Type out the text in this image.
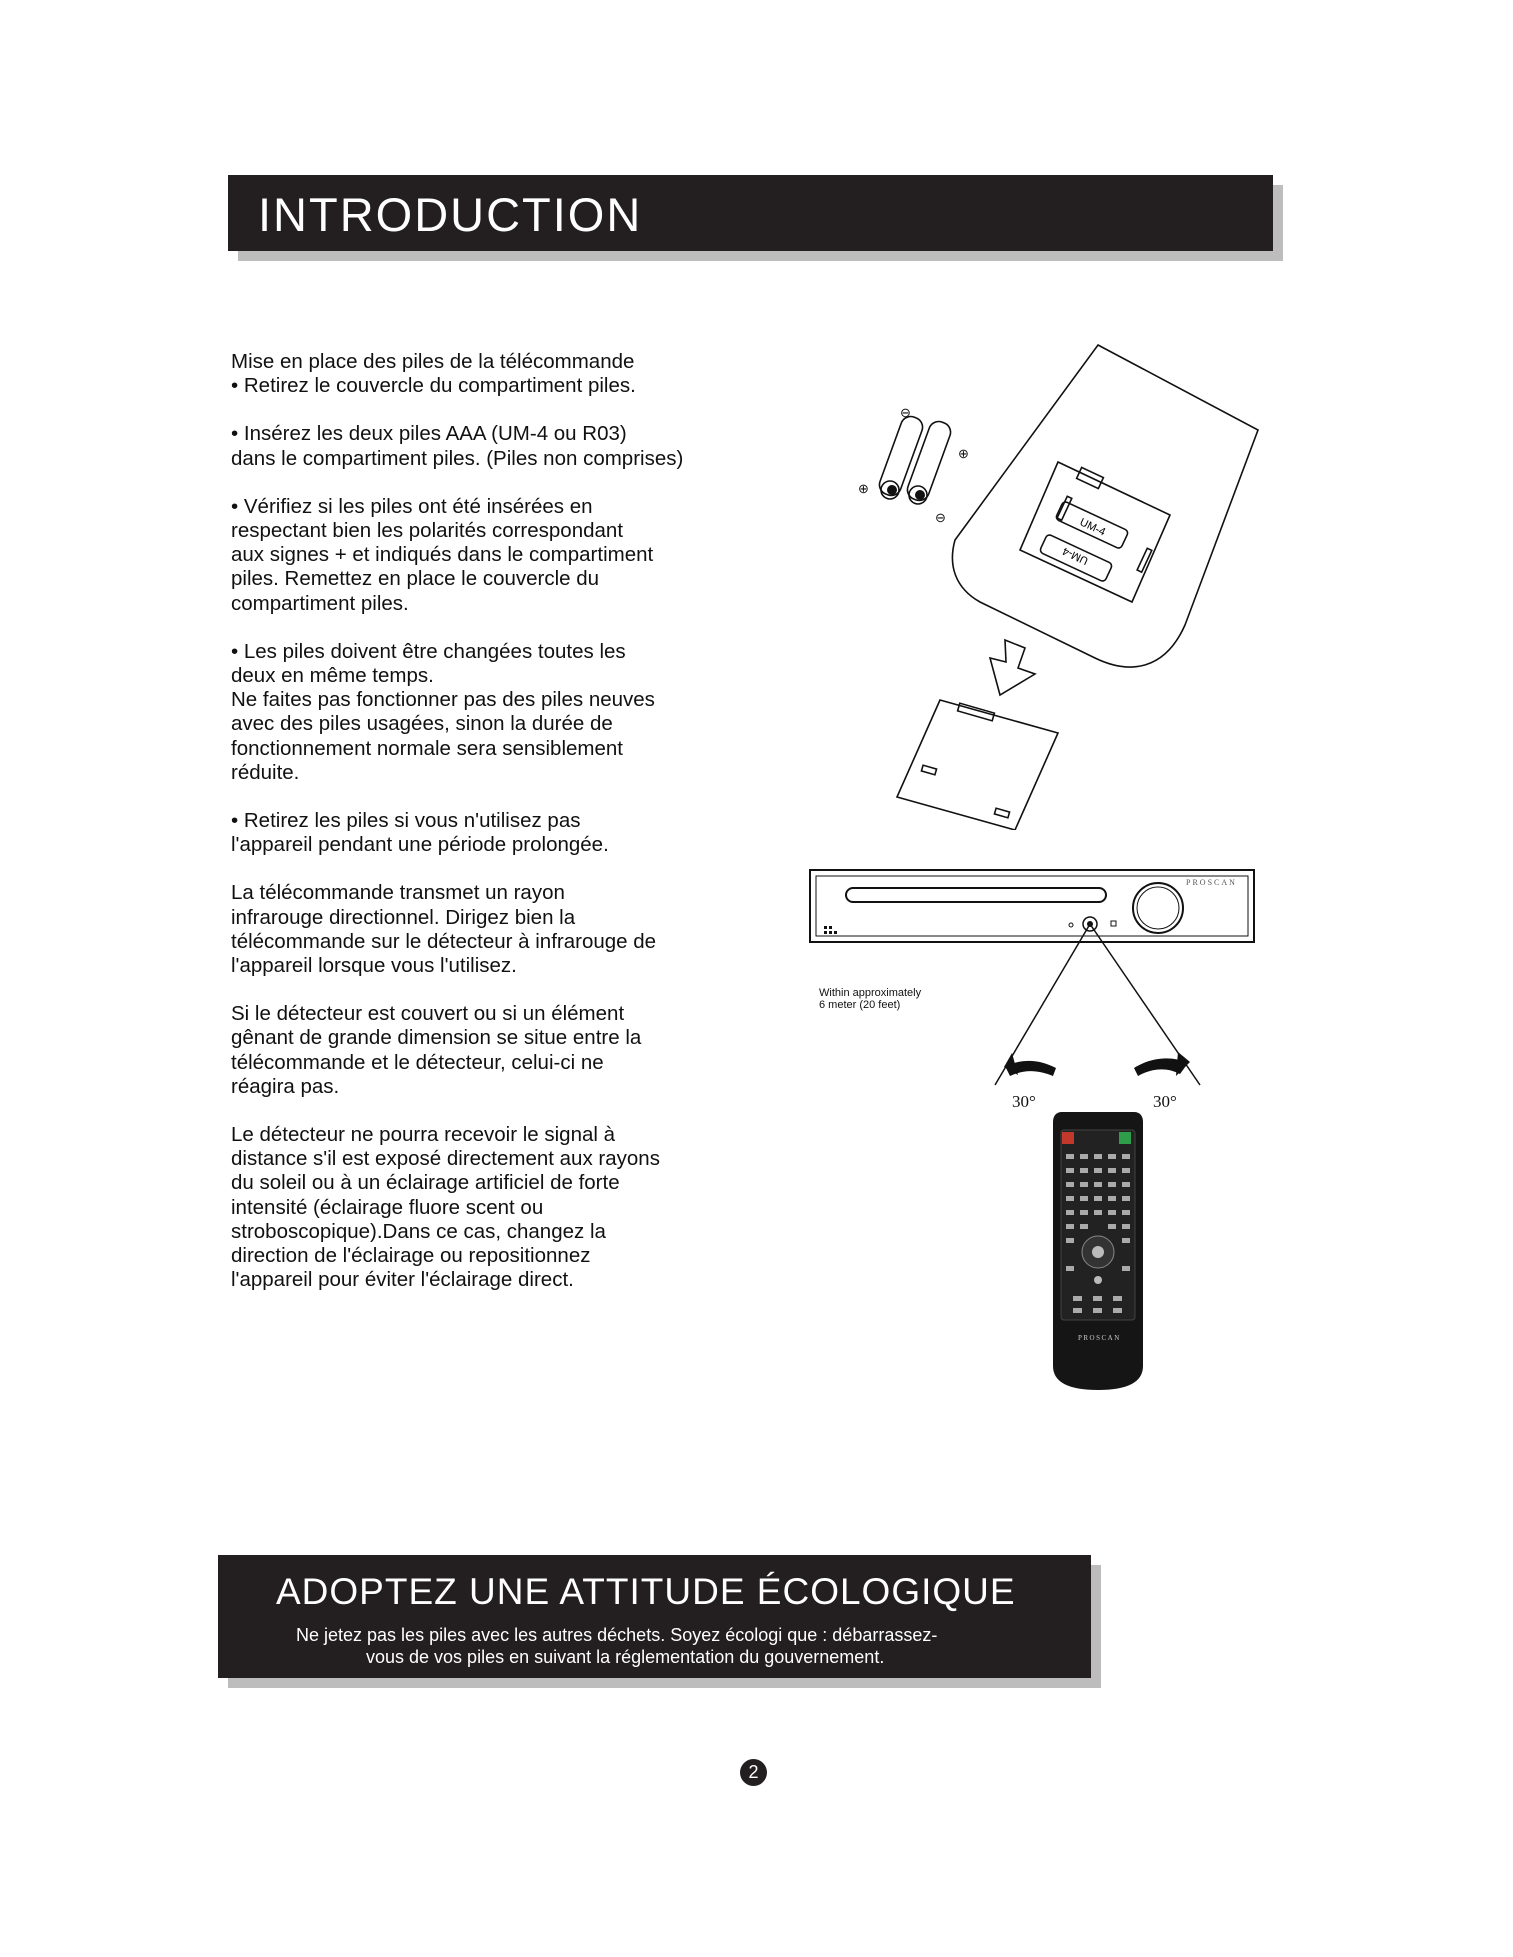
INTRODUCTION

Mise en place des piles de la télécommande
• Retirez le couvercle du compartiment piles.

• Insérez les deux piles AAA (UM-4 ou R03)
dans le compartiment piles. (Piles non comprises)

• Vérifiez si les piles ont été insérées en
respectant bien les polarités correspondant
aux signes + et indiqués dans le compartiment
piles. Remettez en place le couvercle du
compartiment piles.

• Les piles doivent être changées toutes les
deux en même temps.
Ne faites pas fonctionner pas des piles neuves
avec des piles usagées, sinon la durée de
fonctionnement normale sera sensiblement
réduite.

• Retirez les piles si vous n'utilisez pas
l'appareil pendant une période prolongée.

La télécommande transmet un rayon
infrarouge directionnel. Dirigez bien la
télécommande sur le détecteur à infrarouge de
l'appareil lorsque vous l'utilisez.

Si le détecteur est couvert ou si un élément
gênant de grande dimension se situe entre la
télécommande et le détecteur, celui-ci ne
réagira pas.

Le détecteur ne pourra recevoir le signal à
distance s'il est exposé directement aux rayons
du soleil ou à un éclairage artificiel de forte
intensité (éclairage fluore scent ou
stroboscopique).Dans ce cas, changez la
direction de l'éclairage ou repositionnez
l'appareil pour éviter l'éclairage direct.

⊖
⊕
⊕
⊖	UM-4
UM-4
PROSCAN
Within approximately
6 meter (20 feet)
30°	30°
PROSCAN
ADOPTEZ UNE ATTITUDE ÉCOLOGIQUE
Ne jetez pas les piles avec les autres déchets. Soyez écologi que : débarrassez-
vous de vos piles en suivant la réglementation du gouvernement.
2
